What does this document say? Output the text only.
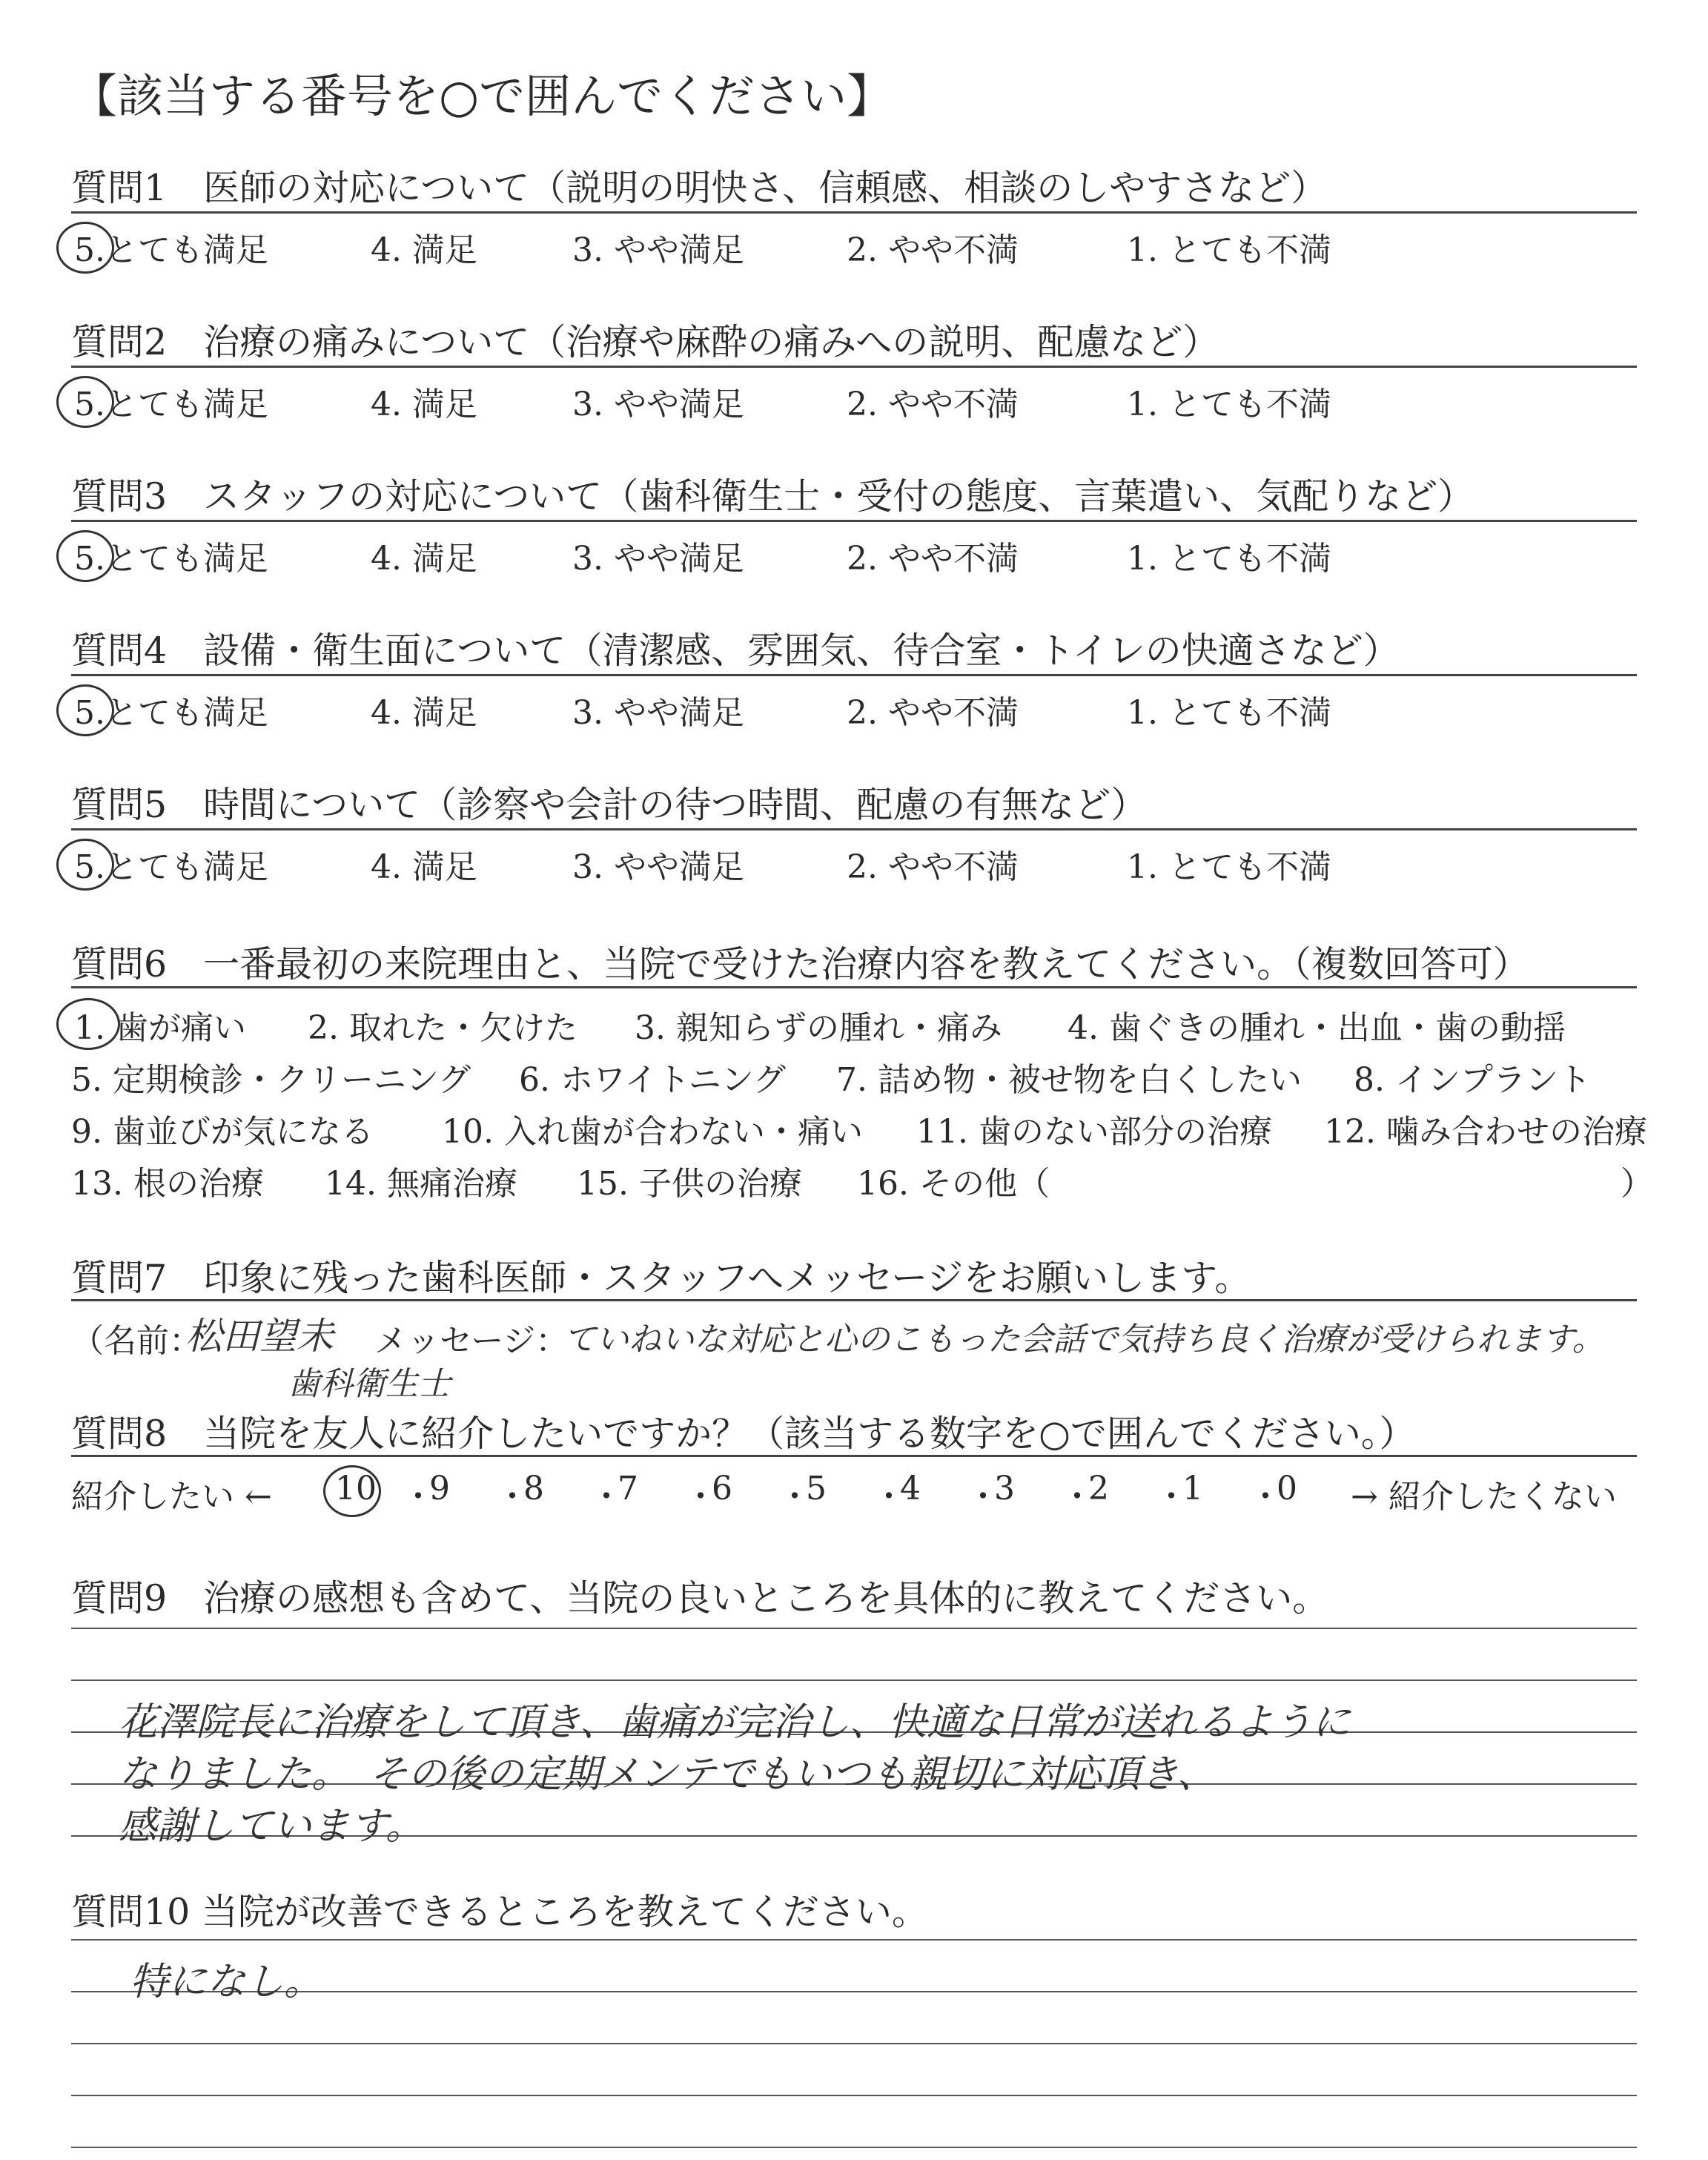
【該当する番号を○で囲んでください】
質問1　医師の対応について（説明の明快さ、信頼感、相談のしやすさなど）
5.とても満足	4. 満足	3. やや満足	2. やや不満	1. とても不満
質問2　治療の痛みについて（治療や麻酔の痛みへの説明、配慮など）
5.とても満足	4. 満足	3. やや満足	2. やや不満	1. とても不満
質問3　スタッフの対応について（歯科衛生士・受付の態度、言葉遣い、気配りなど）
5.とても満足	4. 満足	3. やや満足	2. やや不満	1. とても不満
質問4　設備・衛生面について（清潔感、雰囲気、待合室・トイレの快適さなど）
5.とても満足	4. 満足	3. やや満足	2. やや不満	1. とても不満
質問5　時間について（診察や会計の待つ時間、配慮の有無など）
5.とても満足	4. 満足	3. やや満足	2. やや不満	1. とても不満
質問6　一番最初の来院理由と、当院で受けた治療内容を教えてください。（複数回答可）
1. 歯が痛い 2. 取れた・欠けた 3. 親知らずの腫れ・痛み 4. 歯ぐきの腫れ・出血・歯の動揺
5. 定期検診・クリーニング 6. ホワイトニング 7. 詰め物・被せ物を白くしたい 8. インプラント
9. 歯並びが気になる 10. 入れ歯が合わない・痛い 11. 歯のない部分の治療 12. 噛み合わせの治療
13. 根の治療 14. 無痛治療 15. 子供の治療 16. その他（	）
質問7　印象に残った歯科医師・スタッフへメッセージをお願いします。
（名前：
松田望未
歯科衛生士
メッセージ：
ていねいな対応と心のこもった会話で気持ち良く治療が受けられます。
質問8　当院を友人に紹介したいですか？（該当する数字を○で囲んでください。）
紹介したい ← 10 ・
9 ・
8 ・
7 ・
6 ・
5 ・
4 ・
3 ・
2 ・
1 ・
0 → 紹介したくない
質問9　治療の感想も含めて、当院の良いところを具体的に教えてください。
花澤院長に治療をして頂き、歯痛が完治し、快適な日常が送れるように
なりました。　その後の定期メンテでもいつも親切に対応頂き、
感謝しています。
質問10 当院が改善できるところを教えてください。
特になし。
